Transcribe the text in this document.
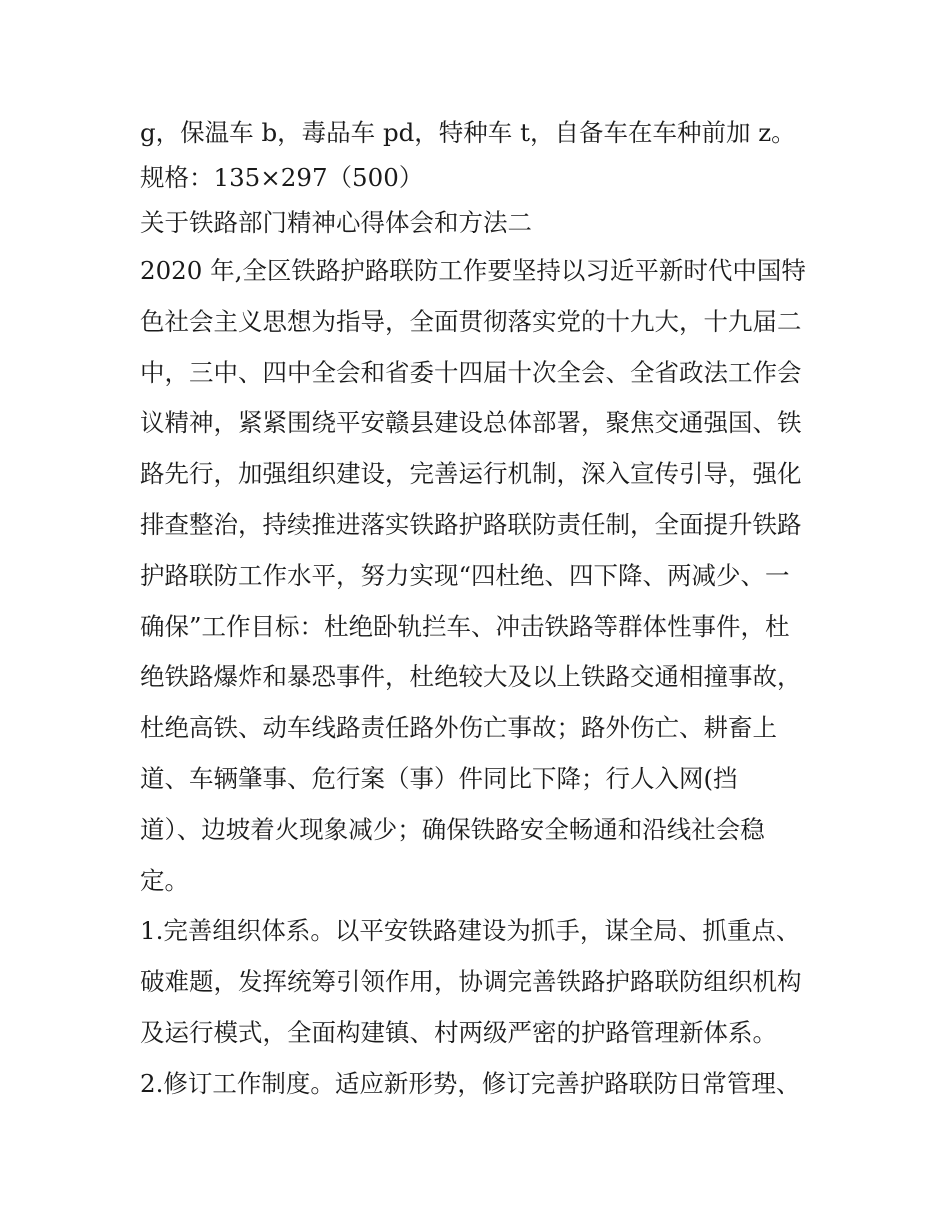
g，保温车 b，毒品车 pd，特种车 t，自备车在车种前加 z。
规格：135×297（500）
关于铁路部门精神心得体会和方法二
2020 年,全区铁路护路联防工作要坚持以习近平新时代中国特
色社会主义思想为指导，全面贯彻落实党的十九大，十九届二
中，三中、四中全会和省委十四届十次全会、全省政法工作会
议精神，紧紧围绕平安赣县建设总体部署，聚焦交通强国、铁
路先行，加强组织建设，完善运行机制，深入宣传引导，强化
排查整治，持续推进落实铁路护路联防责任制，全面提升铁路
护路联防工作水平，努力实现“四杜绝、四下降、两减少、一
确保”工作目标：杜绝卧轨拦车、冲击铁路等群体性事件，杜
绝铁路爆炸和暴恐事件，杜绝较大及以上铁路交通相撞事故，
杜绝高铁、动车线路责任路外伤亡事故；路外伤亡、耕畜上
道、车辆肇事、危行案（事）件同比下降；行人入网(挡
道）、边坡着火现象减少；确保铁路安全畅通和沿线社会稳
定。
1.完善组织体系。以平安铁路建设为抓手，谋全局、抓重点、
破难题，发挥统筹引领作用，协调完善铁路护路联防组织机构
及运行模式，全面构建镇、村两级严密的护路管理新体系。
2.修订工作制度。适应新形势，修订完善护路联防日常管理、
